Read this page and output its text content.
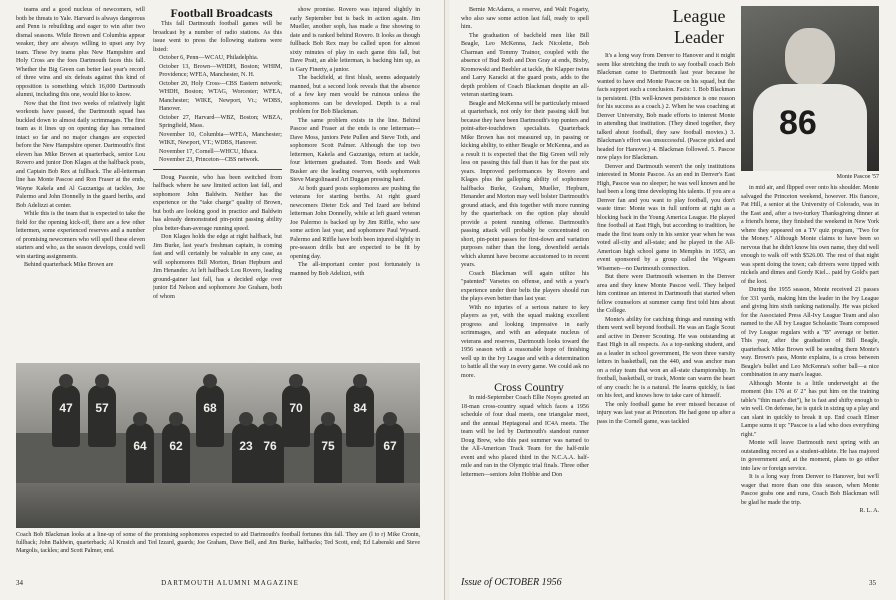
teams and a good nucleus of newcomers, will both be threats to Yale. Harvard is always dangerous and Penn is rebuilding and eager to win after two dismal seasons. While Brown and Columbia appear weaker, they are always willing to upset any Ivy team. These Ivy teams plus New Hampshire and Holy Cross are the foes Dartmouth faces this fall. Whether the Big Green can better last year's record of three wins and six defeats against this kind of opposition is something which 16,000 Dartmouth alumni, including this one, would like to know.

Now that the first two weeks of relatively light workouts have passed, the Dartmouth squad has buckled down to almost daily scrimmages. The first team as it lines up on opening day has remained intact so far and no major changes are expected before the New Hampshire opener. Dartmouth's first eleven has Mike Brown at quarterback, senior Lou Rovero and junior Don Klages at the halfback posts, and Captain Bob Rex at fullback. The all-letterman line has Monte Pascoe and Ron Fraser at the ends, Wayne Kakela and Al Gazzaniga at tackles, Joe Palermo and John Donnelly in the guard berths, and Bob Adelizzi at center.

While this is the team that is expected to take the field for the opening kick-off, there are a few other lettermen, some experienced reserves and a number of promising newcomers who will spell these eleven starters and who, as the season develops, could well win starting assignments.

Behind quarterback Mike Brown are

Football Broadcasts

This fall Dartmouth football games will be broadcast by a number of radio stations. As this issue went to press the following stations were listed:

October 6, Penn—WCAU, Philadelphia.
October 13, Brown—WHDH, Boston; WHIM, Providence; WFEA, Manchester, N. H.
October 20, Holy Cross—CBS Eastern network; WHDH, Boston; WTAG, Worcester; WFEA, Manchester; WIKE, Newport, Vt.; WDBS, Hanover.
October 27, Harvard—WBZ, Boston; WBZA, Springfield, Mass.
November 10, Columbia—WFEA, Manchester; WIKE, Newport, VT.; WDBS, Hanover.
November 17, Cornell—WHCU, Ithaca.
November 23, Princeton—CBS network.

Doug Pasonie, who has been switched from halfback where he saw limited action last fall, and sophomore John Baldwin. Neither has the experience or the "take charge" quality of Brown, but both are looking good in practice and Baldwin has already demonstrated pin-point passing ability plus better-than-average running speed.

Don Klages holds the edge at right halfback, but Jim Burke, last year's freshman captain, is coming fast and will certainly be valuable in any case, as will sophomores Bill Morton, Brian Hepburn and Jim Henander. At left halfback Lou Rovero, leading ground-gainer last fall, has a decided edge over junior Ed Nelson and sophomore Joe Graham, both of whom

show promise. Rovero was injured slightly in early September but is back in action again. Jim Mueller, another soph, has made a fine showing to date and is ranked behind Rovero. It looks as though fullback Bob Rex may be called upon for almost sixty minutes of play in each game this fall, but Dave Pratt, an able letterman, is backing him up, as is Gary Finerty, a junior.

The backfield, at first blush, seems adequately manned, but a second look reveals that the absence of a few key men would be ruinous unless the sophomores can be developed. Depth is a real problem for Bob Blackman.

The same problem exists in the line. Behind Pascoe and Fraser at the ends is one letterman—Dave Moss, juniors Pete Pullen and Steve Toth, and sophomore Scott Palmer. Although the top two lettermen, Kakela and Gazzaniga, return at tackle, four lettermen graduated. Tom Boeds and Walt Busker are the leading reserves, with sophomores Steve Margolinaand Art Duggan pressing hard.

At both guard posts sophomores are pushing the veterans for starting berths. At right guard newcomers Dieter Eck and Ted Izard are behind letterman John Donnelly, while at left guard veteran Joe Palermo is backed up by Jim Riffle, who saw some action last year, and sophomore Paul Wysard. Palermo and Riffle have both been injured slightly in pre-season drills but are expected to be fit by opening day.

The all-important center post fortunately is manned by Bob Adelizzi, with

47	57	68	70	84
64	62	23 76	75	67
Coach Bob Blackman looks at a line-up of some of the promising sophomores expected to aid Dartmouth's football fortunes this fall. They are (l to r) Mike Cronin, fullback; John Baldwin, quarterback; Al Krusich and Ted Izzard, guards; Joe Graham, Dave Bell, and Jim Burke, halfbacks; Ted Scott, end; Ed Labenski and Steve Margolis, tackles; and Scott Palmer, end.
34	DARTMOUTH ALUMNI MAGAZINE

Bernie McAdams, a reserve, and Walt Fogarty, who also saw some action last fall, ready to spell him.

The graduation of backfield men like Bill Beagle, Leo McKenna, Jack Nicolette, Bob Charman and Tommy Trainor, coupled with the absence of Bud Roth and Don Gray at ends, Bixby, Kromowski and Beebler at tackle, the Klapper twins and Larry Karacki at the guard posts, adds to the depth problem of Coach Blackman despite an all-veteran starting team.

Beagle and McKenna will be particularly missed at quarterback, not only for their passing skill but because they have been Dartmouth's top punters and point-after-touchdown specialists. Quarterback Mike Brown has not measured up, in passing or kicking ability, to either Beagle or McKenna, and as a result it is expected that the Big Green will rely less on passing this fall than it has for the past six years. Improved performances by Rovero and Klages plus the galloping ability of sophomore halfbacks Burke, Graham, Mueller, Hepburn, Henander and Morton may well bolster Dartmouth's ground attack, and this together with more running by the quarterback on the option play should provide a potent running offense. Dartmouth's passing attack will probably be concentrated on short, pin-point passes for first-down and variation purposes rather than the long, downfield aerials which alumni have become accustomed to in recent years.

Coach Blackman will again utilize his "patented" Varsetes on offense, and with a year's experience under their belts the players should run the plays even better than last year.

With no injuries of a serious nature to key players as yet, with the squad making excellent progress and looking impressive in early scrimmages, and with an adequate nucleus of veterans and reserves, Dartmouth looks toward the 1956 season with a reasonable hope of finishing well up in the Ivy League and with a determination to battle all the way in every game. We could ask no more.

Cross Country

In mid-September Coach Ellie Noyes greeted an 18-man cross-country squad which faces a 1956 schedule of four dual meets, one triangular meet, and the annual Heptagonal and IC4A meets. The team will be led by Dartmouth's standout runner Doug Brew, who this past summer was named to the All-American Track Team for the half-mile event and who placed third in the N.C.A.A. half-mile and ran in the Olympic trial finals. Three other lettermen—seniors John Hobbie and Don

League
Leader

It's a long way from Denver to Hanover and it might seem like stretching the truth to say football coach Bob Blackman came to Dartmouth last year because he wanted to have end Monte Pascoe on his squad, but the facts support such a conclusion. Facts: 1. Bob Blackman is persistent. (His well-known persistence is one reason for his success as a coach.) 2. When he was coaching at Denver University, Bob made efforts to interest Monte in attending that institution. (They dined together, they talked about football, they saw football movies.) 3. Blackman's effort was unsuccessful. (Pascoe picked and headed for Hanover.) 4. Blackman followed. 5. Pascoe now plays for Blackman.

Denver and Dartmouth weren't the only institutions interested in Monte Pascoe. As an end in Denver's East High, Pascoe was no sleeper; he was well known and he had been a long time developing his talents. If you are a Denver fan and you want to play football, you don't waste time: Monte was in full uniform at right as a blocking back in the Young America League. He played fine football at East High, but according to tradition, he made the first team only in his senior year when he was voted all-city and all-state; and he played in the All-American high school game in Memphis in 1953, an event sponsored by a group called the Wigwam Wisemen—no Dartmouth connection.

But there were Dartmouth wisemen in the Denver area and they knew Monte Pascoe well. They helped him continue an interest in Dartmouth that started when fellow counselors at summer camp first told him about the College.

Monte's ability for catching things and running with them went well beyond football. He was an Eagle Scout and active in Denver Scouting. He was outstanding at East High in all respects. As a top-ranking student, and as a leader in school government, He won three varsity letters in basketball, ran the 440, and was anchor man on a relay team that won an all-state championship. In football, basketball, or track, Monte can warm the heart of any coach: he is a natural. He learns quickly, is fast on his feet, and knows how to take care of himself.

The only football game he ever missed because of injury was last year at Princeton. He had gone up after a pass in the Cornell game, was tackled

86
Monte Pascoe '57

in mid air, and flipped over onto his shoulder. Monte salvaged the Princeton weekend, however. His fiancee, Pat Hill, a senior at the University of Colorado, was in the East and, after a two-turkey Thanksgiving dinner at a friend's home, they finished the weekend in New York where they appeared on a TV quiz program, "Two for the Money." Although Monte claims to have been so nervous that he didn't know his own name, they did well enough to walk off with $526.00. The rest of that night was spent doing the town; cab drivers were tipped with nickels and dimes and Gordy Kiel... paid by Gold's part of the loot.

During the 1955 season, Monte received 21 passes for 331 yards, making him the leader in the Ivy League and giving him sixth ranking nationally. He was picked for the Associated Press All-Ivy League Team and also named to the All Ivy League Scholastic Team composed of Ivy League regulars with a "B" average or better. This year, after the graduation of Bill Beagle, quarterback Mike Brown will be sending them Monte's way. Brown's pass, Monte explains, is a cross between Beagle's bullet and Leo McKenna's softer ball—a nice combination in any man's league.

Although Monte is a little underweight at the moment (his 176 at 6' 2" has put him on the training table's "thin man's diet"), he is fast and shifty enough to win well. On defense, he is quick in sizing up a play and can slant in quickly to break it up. End coach Elmer Lampe sums it up: "Pascoe is a lad who does everything right."

Monte will leave Dartmouth next spring with an outstanding record as a student-athlete. He has majored in government and, at the moment, plans to go either into law or foreign service.

It is a long way from Denver to Hanover, but we'll wager that more than one this season, when Monte Pascoe grabs one and runs, Coach Bob Blackman will be glad he made the trip.

R. L. A.

Issue of OCTOBER 1956	35
